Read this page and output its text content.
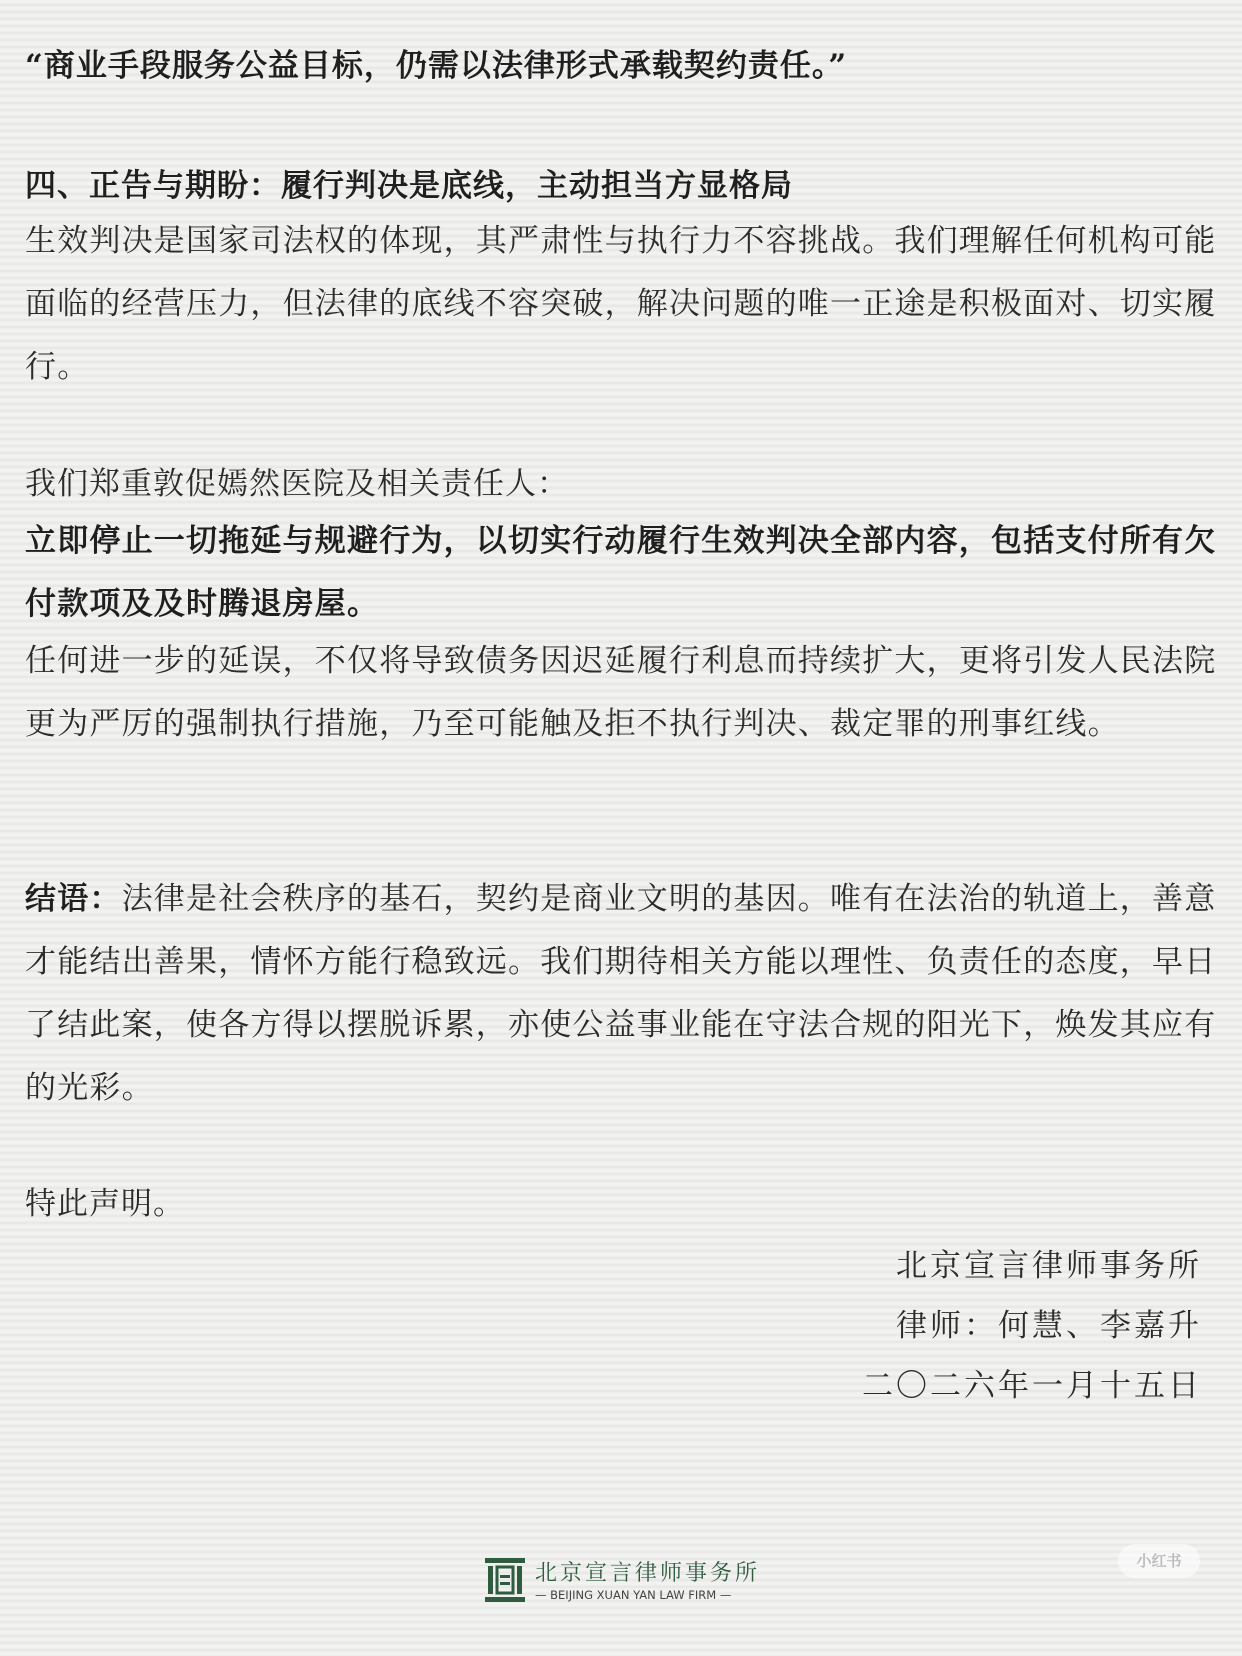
“商业手段服务公益目标，仍需以法律形式承载契约责任。”

四、正告与期盼：履行判决是底线，主动担当方显格局

生效判决是国家司法权的体现，其严肃性与执行力不容挑战。我们理解任何机构可能面临的经营压力，但法律的底线不容突破，解决问题的唯一正途是积极面对、切实履行。

我们郑重敦促嫣然医院及相关责任人：

立即停止一切拖延与规避行为，以切实行动履行生效判决全部内容，包括支付所有欠付款项及及时腾退房屋。

任何进一步的延误，不仅将导致债务因迟延履行利息而持续扩大，更将引发人民法院更为严厉的强制执行措施，乃至可能触及拒不执行判决、裁定罪的刑事红线。

结语：法律是社会秩序的基石，契约是商业文明的基因。唯有在法治的轨道上，善意才能结出善果，情怀方能行稳致远。我们期待相关方能以理性、负责任的态度，早日了结此案，使各方得以摆脱诉累，亦使公益事业能在守法合规的阳光下，焕发其应有的光彩。

特此声明。

北京宣言律师事务所

律师：何慧、李嘉升

二〇二六年一月十五日

北京宣言律师事务所
— BEIJING XUAN YAN LAW FIRM —
小红书
